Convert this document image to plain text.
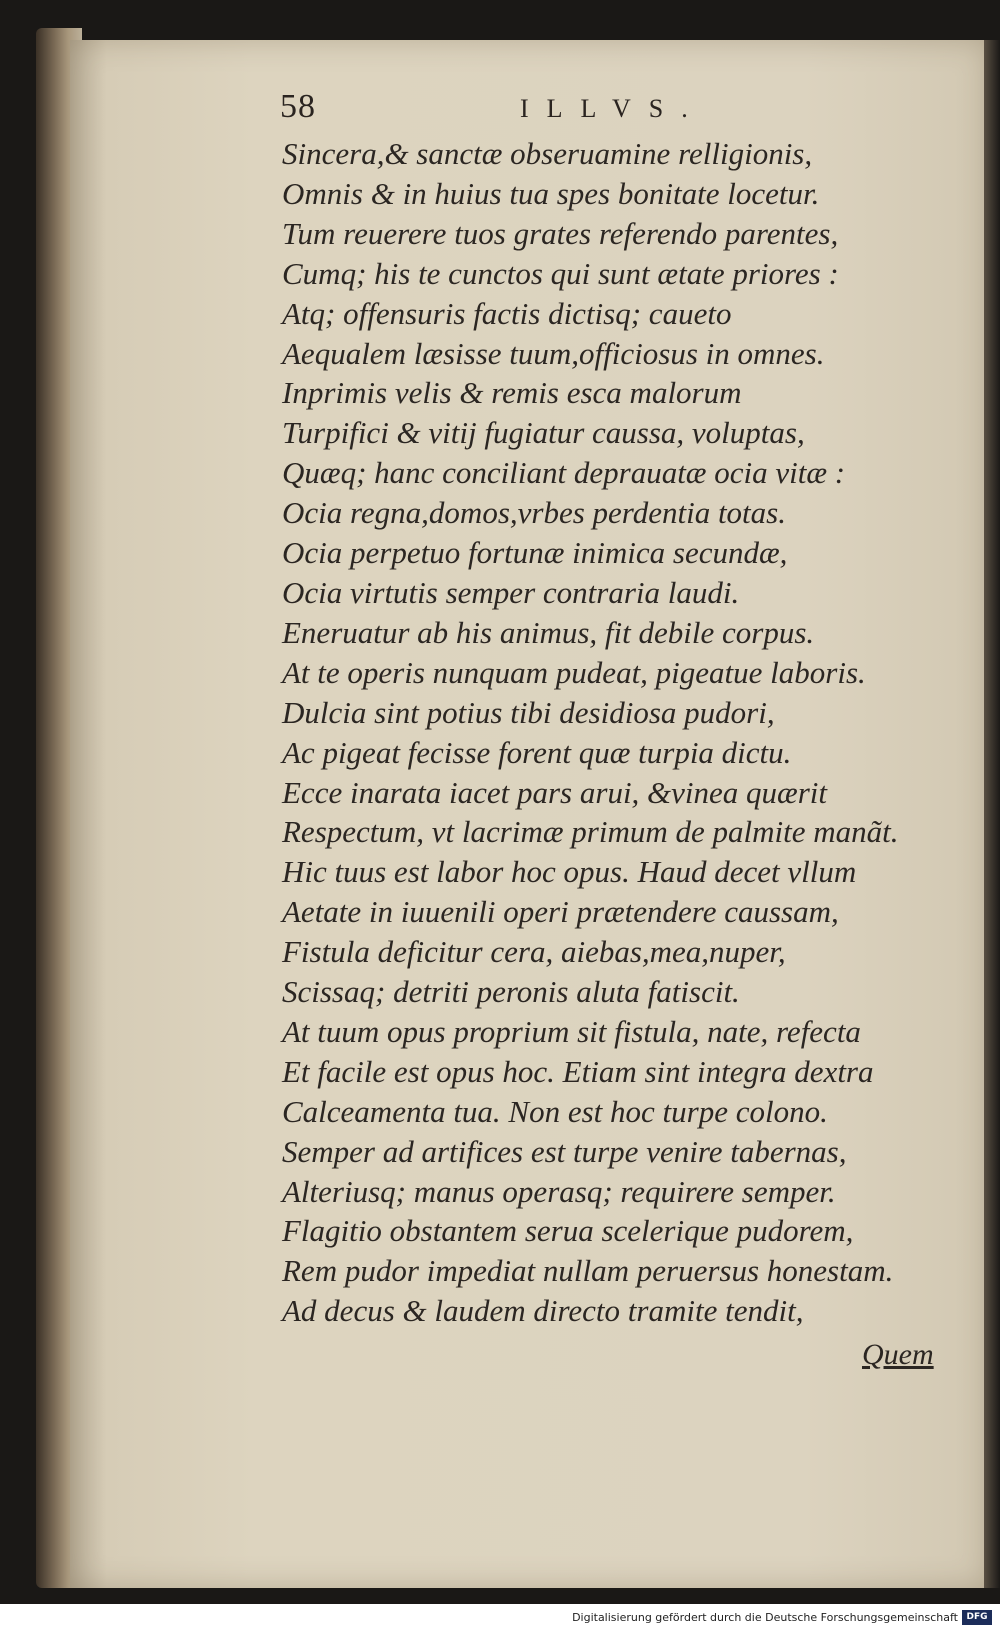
58	ILLVS.
Sincera,& sanctæ obseruamine relligionis,
Omnis & in huius tua spes bonitate locetur.
Tum reuerere tuos grates referendo parentes,
Cumq; his te cunctos qui sunt ætate priores :
Atq; offensuris factis dictisq; caueto
Aequalem læsisse tuum,officiosus in omnes.
Inprimis velis & remis esca malorum
Turpifici & vitij fugiatur caussa, voluptas,
Quæq; hanc conciliant deprauatæ ocia vitæ :
Ocia regna,domos,vrbes perdentia totas.
Ocia perpetuo fortunæ inimica secundæ,
Ocia virtutis semper contraria laudi.
Eneruatur ab his animus, fit debile corpus.
At te operis nunquam pudeat, pigeatue laboris.
Dulcia sint potius tibi desidiosa pudori,
Ac pigeat fecisse forent quæ turpia dictu.
Ecce inarata iacet pars arui, &vinea quærit
Respectum, vt lacrimæ primum de palmite manãt.
Hic tuus est labor hoc opus. Haud decet vllum
Aetate in iuuenili operi prætendere caussam,
Fistula deficitur cera, aiebas,mea,nuper,
Scissaq; detriti peronis aluta fatiscit.
At tuum opus proprium sit fistula, nate, refecta
Et facile est opus hoc. Etiam sint integra dextra
Calceamenta tua. Non est hoc turpe colono.
Semper ad artifices est turpe venire tabernas,
Alteriusq; manus operasq; requirere semper.
Flagitio obstantem serua scelerique pudorem,
Rem pudor impediat nullam peruersus honestam.
Ad decus & laudem directo tramite tendit,
Quem
Digitalisierung gefördert durch die Deutsche Forschungsgemeinschaft DFG
